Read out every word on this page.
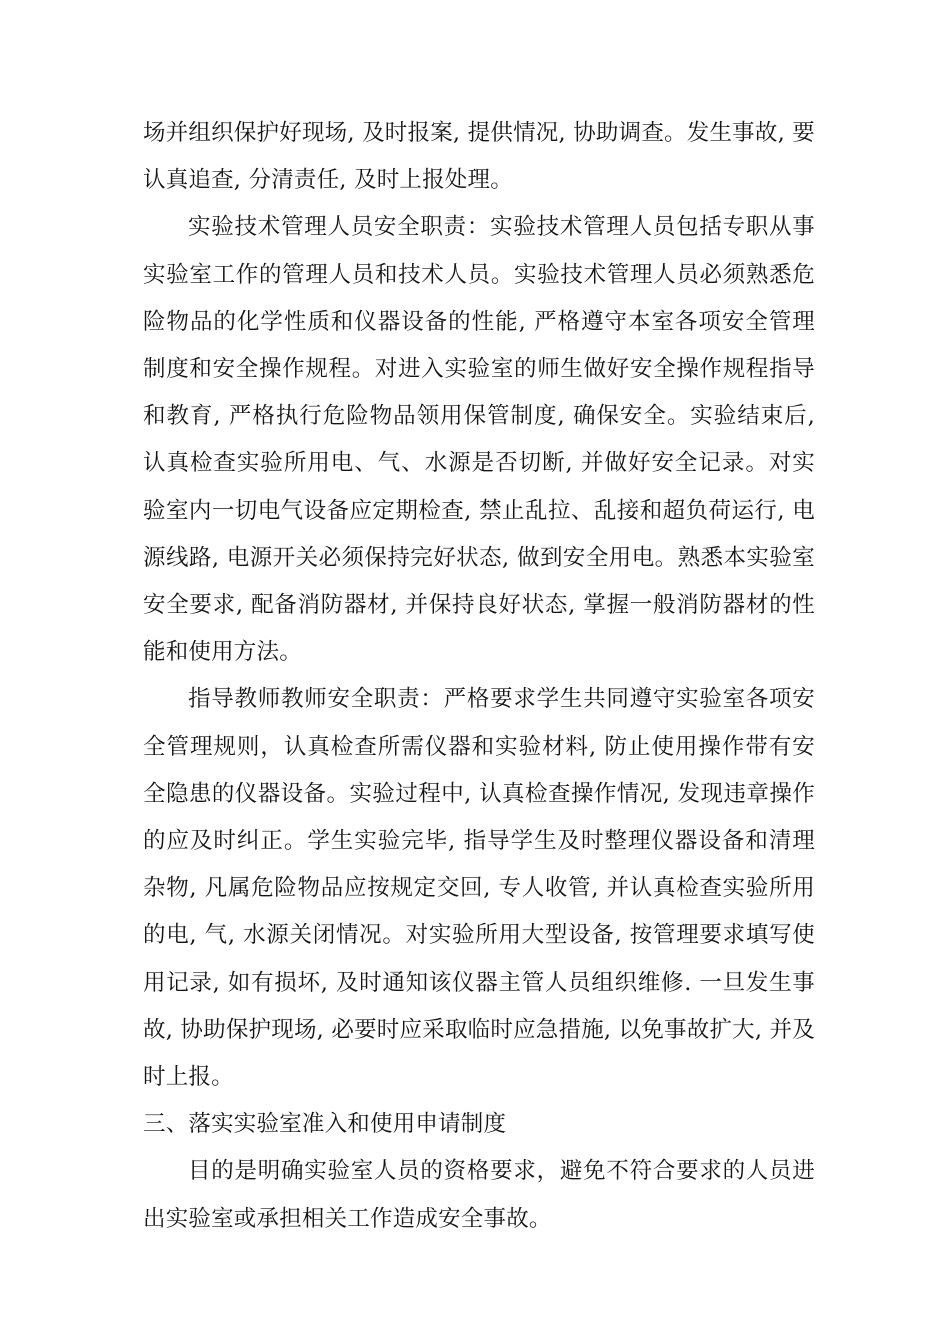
场并组织保护好现场, 及时报案, 提供情况, 协助调查。发生事故, 要认真追查, 分清责任, 及时上报处理。

实验技术管理人员安全职责：实验技术管理人员包括专职从事实验室工作的管理人员和技术人员。实验技术管理人员必须熟悉危险物品的化学性质和仪器设备的性能, 严格遵守本室各项安全管理制度和安全操作规程。对进入实验室的师生做好安全操作规程指导和教育, 严格执行危险物品领用保管制度, 确保安全。实验结束后, 认真检查实验所用电、气、水源是否切断, 并做好安全记录。对实验室内一切电气设备应定期检查, 禁止乱拉、乱接和超负荷运行, 电源线路, 电源开关必须保持完好状态, 做到安全用电。熟悉本实验室安全要求, 配备消防器材, 并保持良好状态, 掌握一般消防器材的性能和使用方法。

指导教师教师安全职责：严格要求学生共同遵守实验室各项安全管理规则，认真检查所需仪器和实验材料, 防止使用操作带有安全隐患的仪器设备。实验过程中, 认真检查操作情况, 发现违章操作的应及时纠正。学生实验完毕, 指导学生及时整理仪器设备和清理杂物, 凡属危险物品应按规定交回, 专人收管, 并认真检查实验所用的电, 气, 水源关闭情况。对实验所用大型设备, 按管理要求填写使用记录, 如有损坏, 及时通知该仪器主管人员组织维修. 一旦发生事故, 协助保护现场, 必要时应采取临时应急措施, 以免事故扩大, 并及时上报。

三、落实实验室准入和使用申请制度

目的是明确实验室人员的资格要求，避免不符合要求的人员进出实验室或承担相关工作造成安全事故。
